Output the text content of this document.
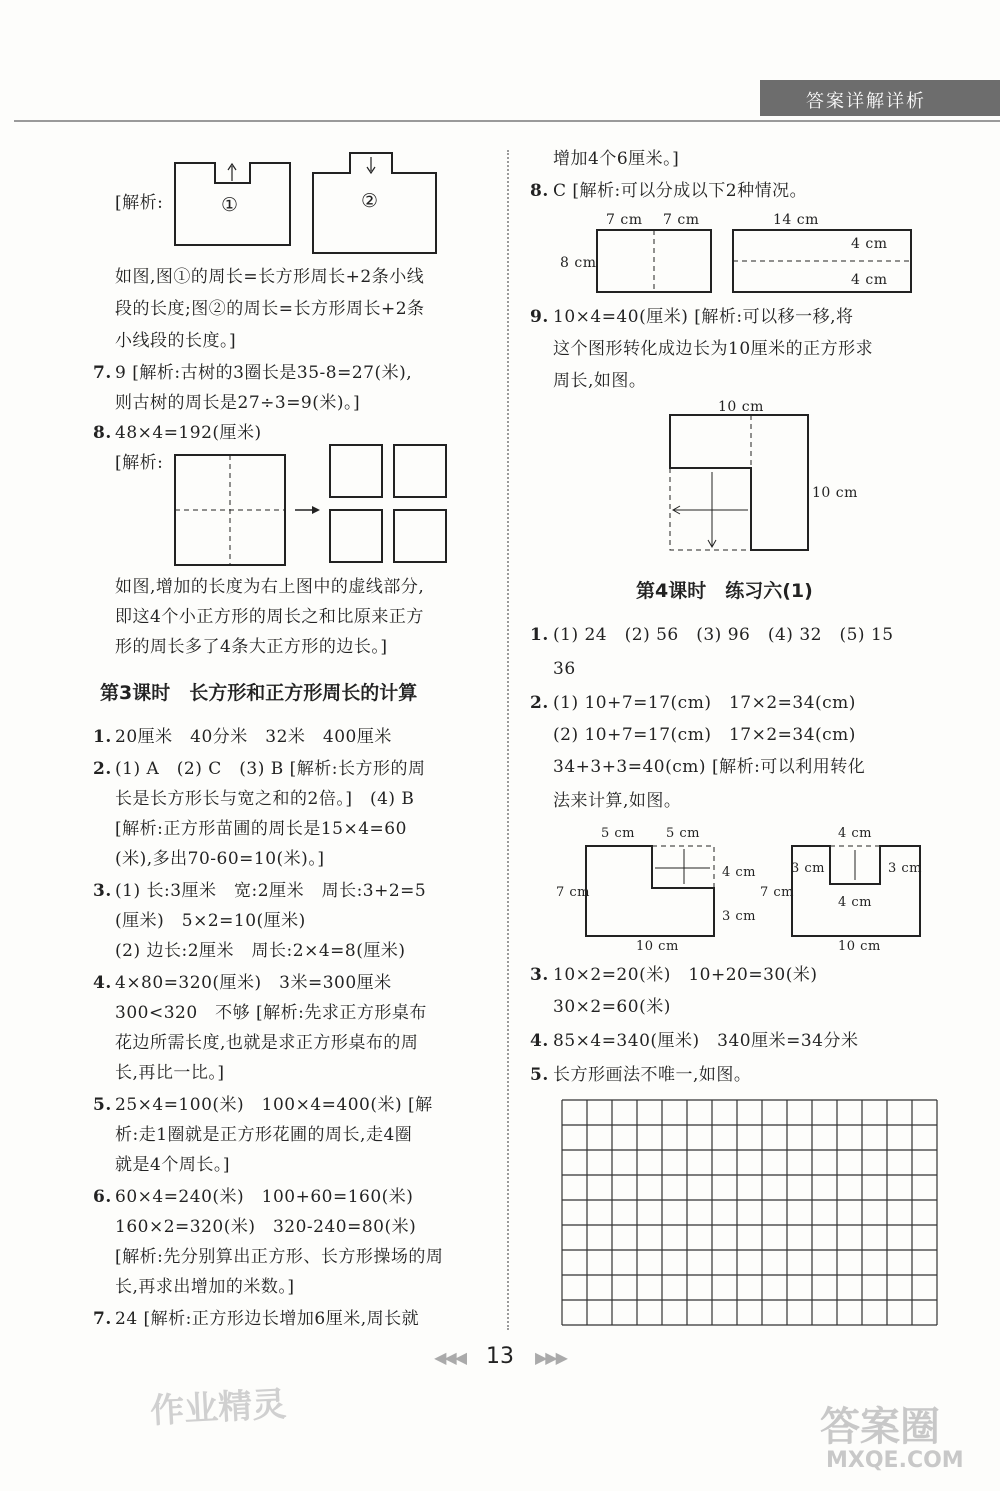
答案详解详析
[解析:	①	②
如图,图①的周长=长方形周长+2条小线
段的长度;图②的周长=长方形周长+2条
小线段的长度。]
7. 9 [解析:古树的3圈长是35-8=27(米),
则古树的周长是27÷3=9(米)。]
8. 48×4=192(厘米)
[解析:
如图,增加的长度为右上图中的虚线部分,
即这4个小正方形的周长之和比原来正方
形的周长多了4条大正方形的边长。]
第3课时　长方形和正方形周长的计算
1. 20厘米　40分米　32米　400厘米
2. (1) A　(2) C　(3) B [解析:长方形的周
长是长方形长与宽之和的2倍。]　(4) B
[解析:正方形苗圃的周长是15×4=60
(米),多出70-60=10(米)。]
3. (1) 长:3厘米　宽:2厘米　周长:3+2=5
(厘米)　5×2=10(厘米)
(2) 边长:2厘米　周长:2×4=8(厘米)
4. 4×80=320(厘米)　3米=300厘米
300<320　不够 [解析:先求正方形桌布
花边所需长度,也就是求正方形桌布的周
长,再比一比。]
5. 25×4=100(米)　100×4=400(米) [解
析:走1圈就是正方形花圃的周长,走4圈
就是4个周长。]
6. 60×4=240(米)　100+60=160(米)
160×2=320(米)　320-240=80(米)
[解析:先分别算出正方形、长方形操场的周
长,再求出增加的米数。]
7. 24 [解析:正方形边长增加6厘米,周长就
增加4个6厘米。]
8. C [解析:可以分成以下2种情况。
7 cm 7 cm	14 cm
8 cm
4 cm
4 cm
9. 10×4=40(厘米) [解析:可以移一移,将
这个图形转化成边长为10厘米的正方形求
周长,如图。
10 cm
10 cm
第4课时　练习六(1)
1. (1) 24　(2) 56　(3) 96　(4) 32　(5) 15
36
2. (1) 10+7=17(cm)　17×2=34(cm)
(2) 10+7=17(cm)　17×2=34(cm)
34+3+3=40(cm) [解析:可以利用转化
法来计算,如图。
5 cm 5 cm
4 cm
7 cm
3 cm
10 cm
4 cm
3 cm	3 cm
7 cm
4 cm
10 cm
3. 10×2=20(米)　10+20=30(米)
30×2=60(米)
4. 85×4=340(厘米)　340厘米=34分米
5. 长方形画法不唯一,如图。
◀◀◀ 13 ▶▶▶
作业精灵	答案圈
MXQE.COM
